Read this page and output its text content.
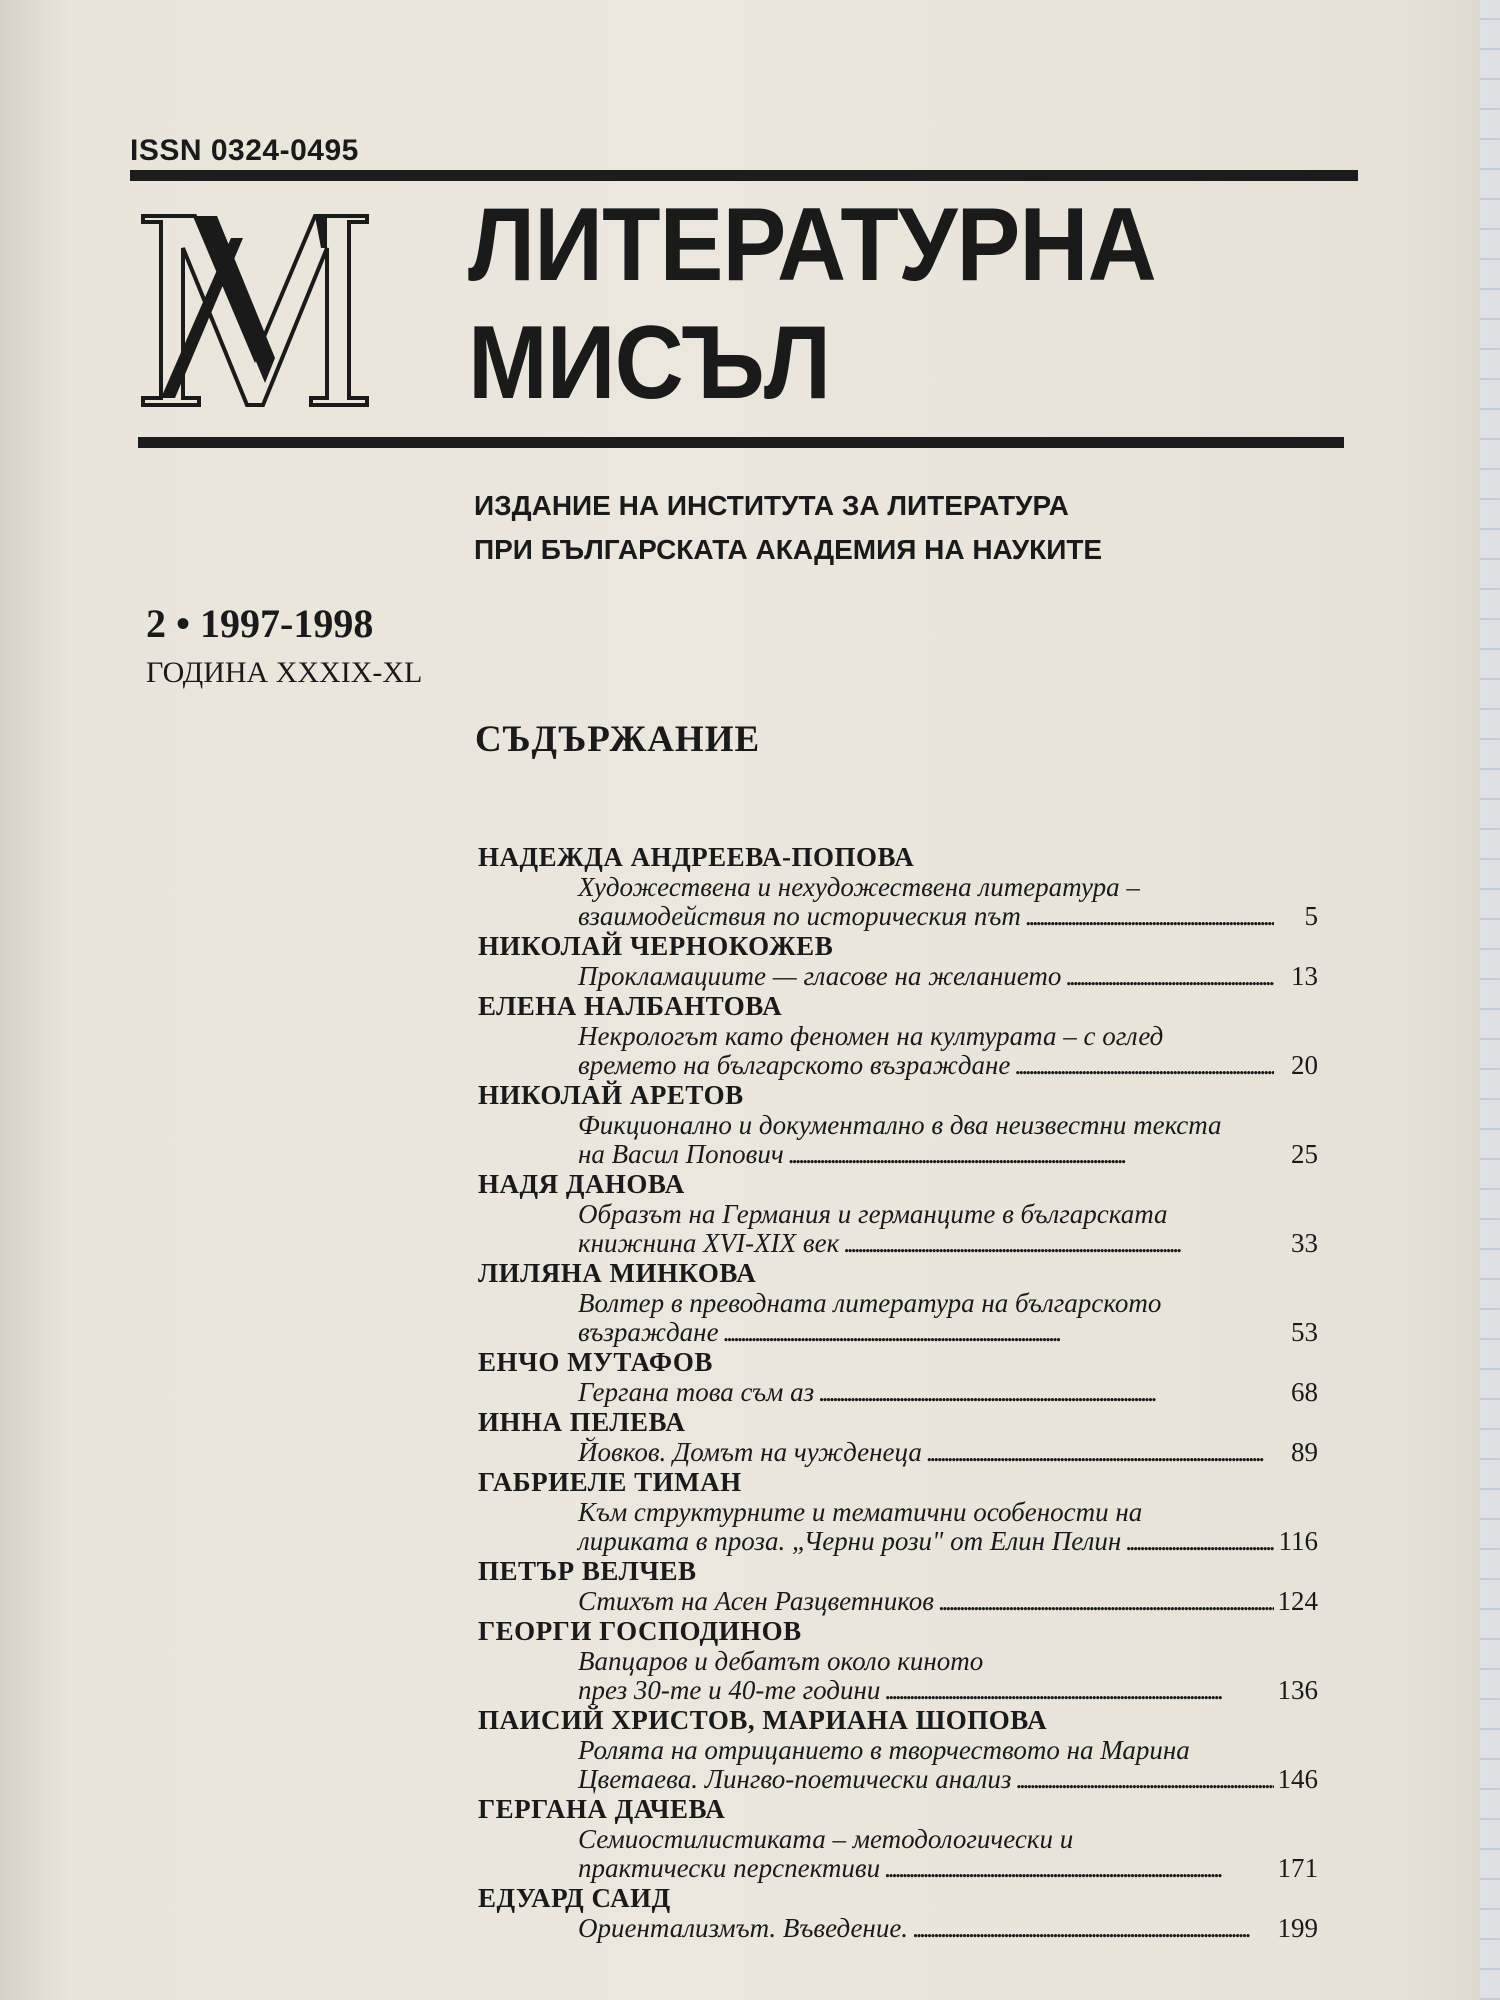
ISSN 0324-0495
ЛИТЕРАТУРНА
МИСЪЛ
ИЗДАНИЕ НА ИНСТИТУТА ЗА ЛИТЕРАТУРА
ПРИ БЪЛГАРСКАТА АКАДЕМИЯ НА НАУКИТЕ
2 • 1997-1998
ГОДИНА XXXIX-XL
СЪДЪРЖАНИЕ
НАДЕЖДА АНДРЕЕВА-ПОПОВА
Художествена и нехудожествена литература –
взаимодействия по историческия път . . .	5
НИКОЛАЙ ЧЕРНОКОЖЕВ
Прокламациите — гласове на желанието . . .	13
ЕЛЕНА НАЛБАНТОВА
Некрологът като феномен на културата – с оглед
времето на българското възраждане . . .	20
НИКОЛАЙ АРЕТОВ
Фикционално и документално в два неизвестни текста
на Васил Попович . . .	25
НАДЯ ДАНОВА
Образът на Германия и германците в българската
книжнина XVI-XIX век . . .	33
ЛИЛЯНА МИНКОВА
Волтер в преводната литература на българското
възраждане . . .	53
ЕНЧО МУТАФОВ
Гергана това съм аз . . .	68
ИННА ПЕЛЕВА
Йовков. Домът на чужденеца . . .	89
ГАБРИЕЛЕ ТИМАН
Към структурните и тематични особености на
лириката в проза. „Черни рози" от Елин Пелин . . .	116
ПЕТЪР ВЕЛЧЕВ
Стихът на Асен Разцветников . . .	124
ГЕОРГИ ГОСПОДИНОВ
Вапцаров и дебатът около киното
през 30-те и 40-те години . . .	136
ПАИСИЙ ХРИСТОВ, МАРИАНА ШОПОВА
Ролята на отрицанието в творчеството на Марина
Цветаева. Лингво-поетически анализ . . .	146
ГЕРГАНА ДАЧЕВА
Семиостилистиката – методологически и
практически перспективи . . .	171
ЕДУАРД САИД
Ориентализмът. Въведение. . . .	199
